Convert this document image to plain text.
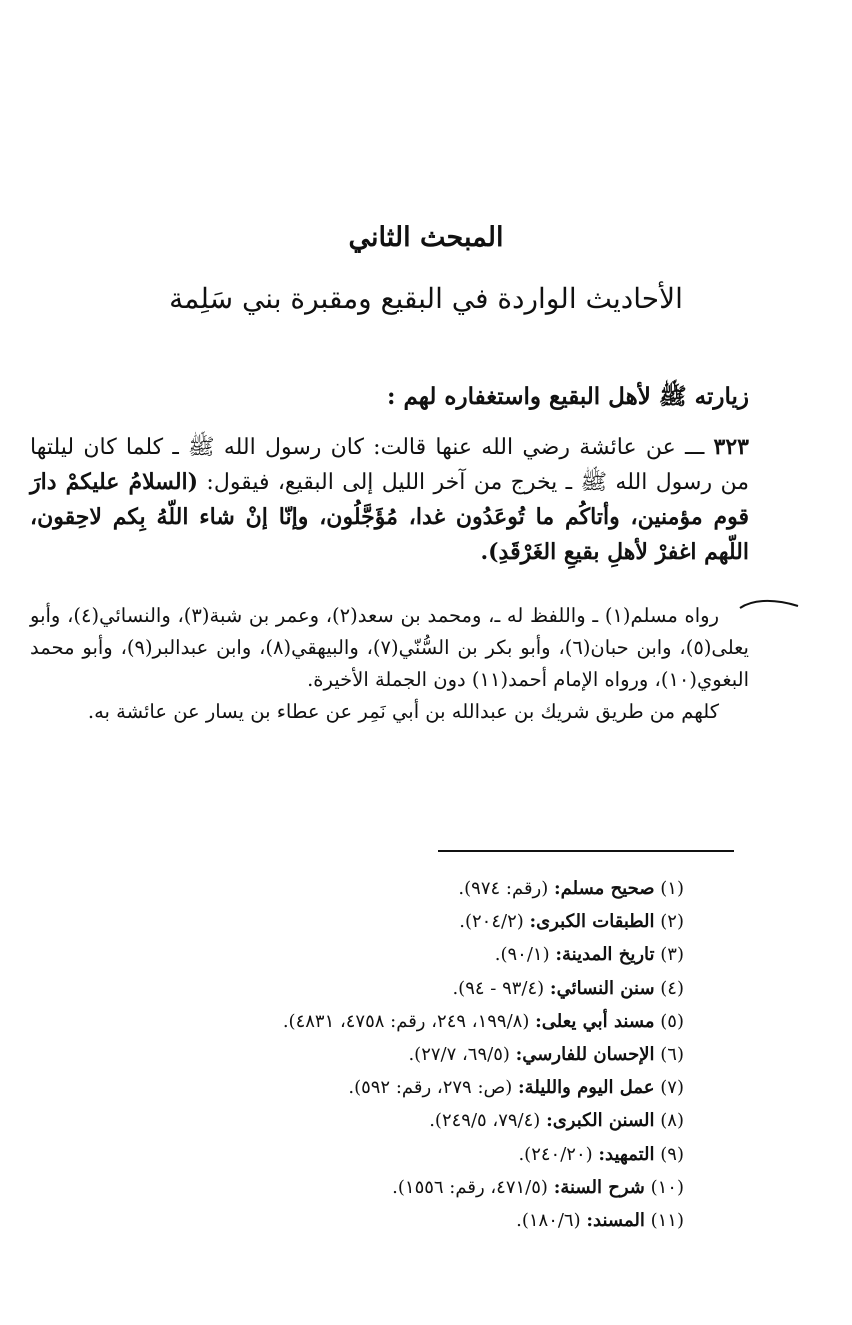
المبحث الثاني
الأحاديث الواردة في البقيع ومقبرة بني سَلِمة
زيارته ﷺ لأهل البقيع واستغفاره لهم :
٣٢٣ ـــ عن عائشة رضي الله عنها قالت: كان رسول الله ﷺ ـ كلما كان ليلتها من رسول الله ﷺ ـ يخرج من آخر الليل إلى البقيع، فيقول: (السلامُ عليكمْ دارَ قوم مؤمنين، وأتاكُم ما تُوعَدُون غدا، مُؤَجَّلُون، وإنّا إنْ شاء اللّهُ بِكم لاحِقون، اللّهم اغفرْ لأهلِ بقيعِ الغَرْقَدِ).

رواه مسلم(١) ـ واللفظ له ـ، ومحمد بن سعد(٢)، وعمر بن شبة(٣)، والنسائي(٤)، وأبو يعلى(٥)، وابن حبان(٦)، وأبو بكر بن السُّنّي(٧)، والبيهقي(٨)، وابن عبدالبر(٩)، وأبو محمد البغوي(١٠)، ورواه الإمام أحمد(١١) دون الجملة الأخيرة.

كلهم من طريق شريك بن عبدالله بن أبي نَمِر عن عطاء بن يسار عن عائشة به.

(١) صحيح مسلم: (رقم: ٩٧٤).
(٢) الطبقات الكبرى: (٢٠٤/٢).
(٣) تاريخ المدينة: (٩٠/١).
(٤) سنن النسائي: (٩٣/٤ - ٩٤).
(٥) مسند أبي يعلى: (١٩٩/٨، ٢٤٩، رقم: ٤٧٥٨، ٤٨٣١).
(٦) الإحسان للفارسي: (٦٩/٥، ٢٧/٧).
(٧) عمل اليوم والليلة: (ص: ٢٧٩، رقم: ٥٩٢).
(٨) السنن الكبرى: (٧٩/٤، ٢٤٩/٥).
(٩) التمهيد: (٢٤٠/٢٠).
(١٠) شرح السنة: (٤٧١/٥، رقم: ١٥٥٦).
(١١) المسند: (١٨٠/٦).
